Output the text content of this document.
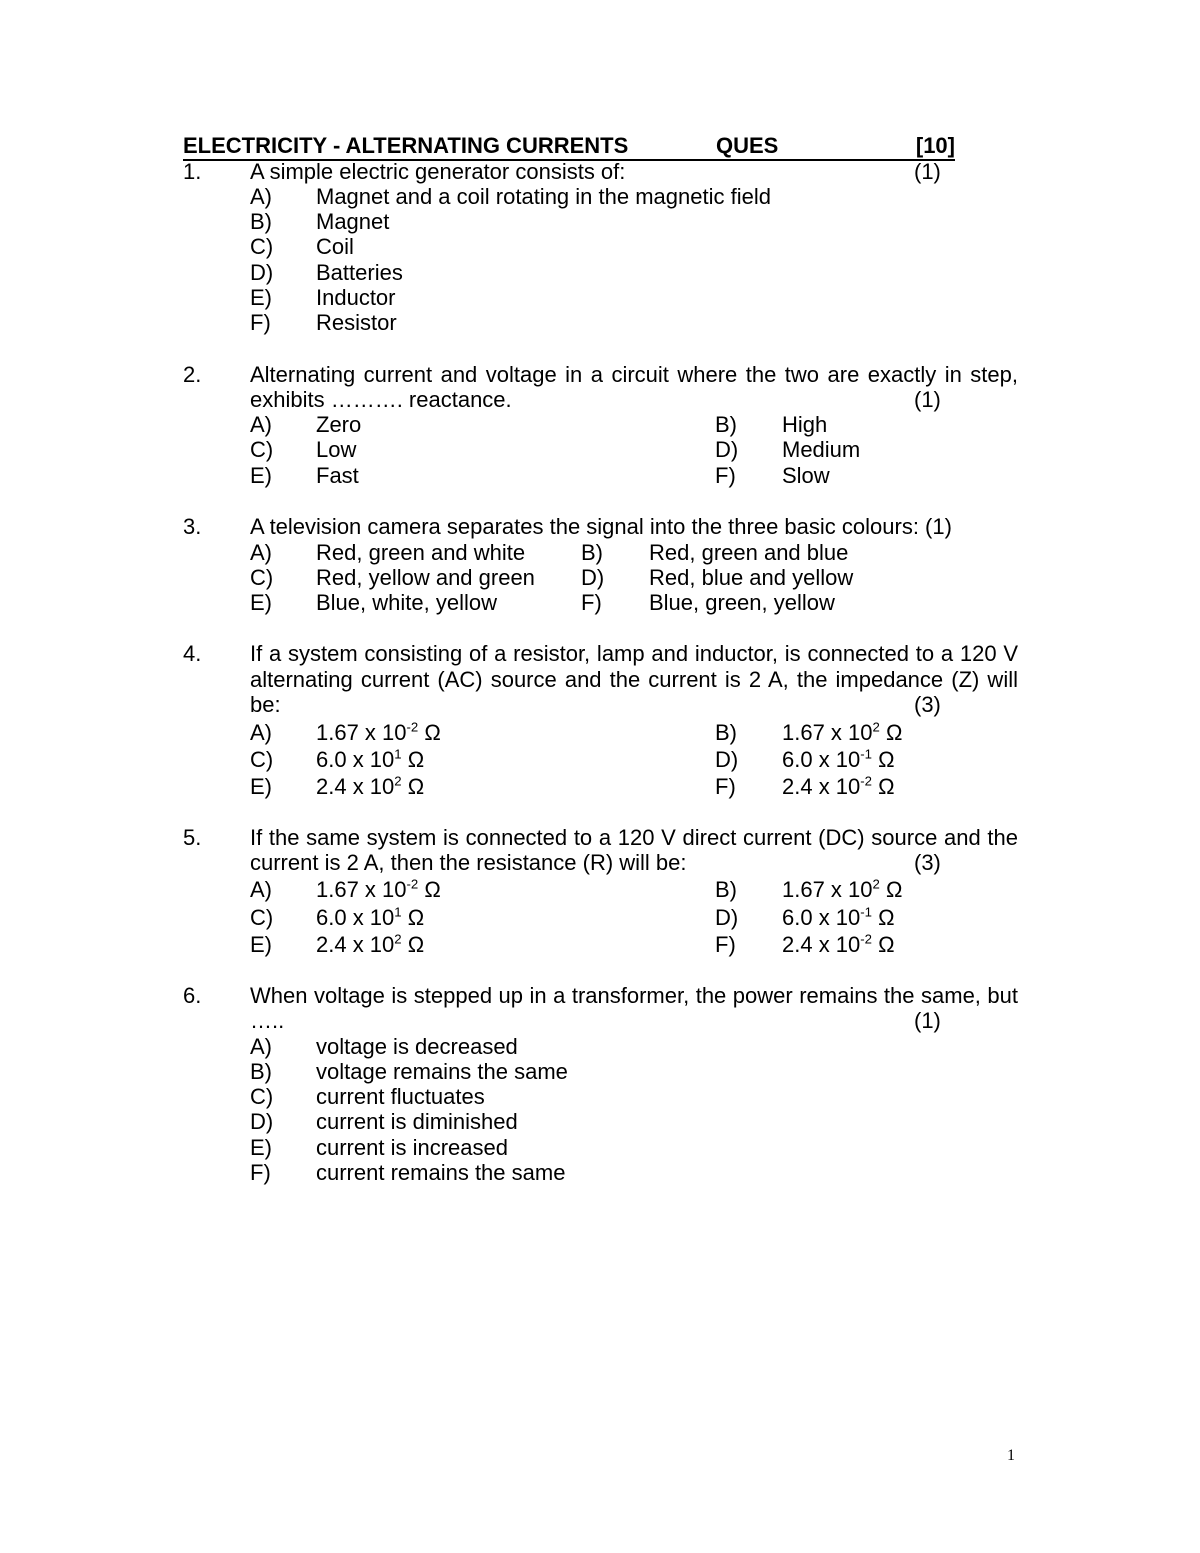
ELECTRICITY - ALTERNATING CURRENTS	QUES	[10]
1. A simple electric generator consists of:	(1)
A) Magnet and a coil rotating in the magnetic field
B) Magnet
C) Coil
D) Batteries
E) Inductor
F) Resistor
2. Alternating current and voltage in a circuit where the two are exactly in step,
exhibits ………. reactance.	(1)
A) Zero	B) High
C) Low	D) Medium
E) Fast	F) Slow
3. A television camera separates the signal into the three basic colours: (1)
A) Red, green and white	B) Red, green and blue
C) Red, yellow and green D) Red, blue and yellow
E) Blue, white, yellow	F) Blue, green, yellow
4. If a system consisting of a resistor, lamp and inductor, is connected to a 120 V
alternating current (AC) source and the current is 2 A, the impedance (Z) will
be:	(3)
A) 1.67 x $10^{-2}$ Ω	B) 1.67 x $10^2$ Ω
C) 6.0 x $10^1$ Ω	D) 6.0 x $10^{-1}$ Ω
E) 2.4 x $10^2$ Ω	F) 2.4 x $10^{-2}$ Ω
5. If the same system is connected to a 120 V direct current (DC) source and the
current is 2 A, then the resistance (R) will be:	(3)
A) 1.67 x $10^{-2}$ Ω	B) 1.67 x $10^2$ Ω
C) 6.0 x $10^1$ Ω	D) 6.0 x $10^{-1}$ Ω
E) 2.4 x $10^2$ Ω	F) 2.4 x $10^{-2}$ Ω
6. When voltage is stepped up in a transformer, the power remains the same, but
…..	(1)
A) voltage is decreased
B) voltage remains the same
C) current fluctuates
D) current is diminished
E) current is increased
F) current remains the same
1
